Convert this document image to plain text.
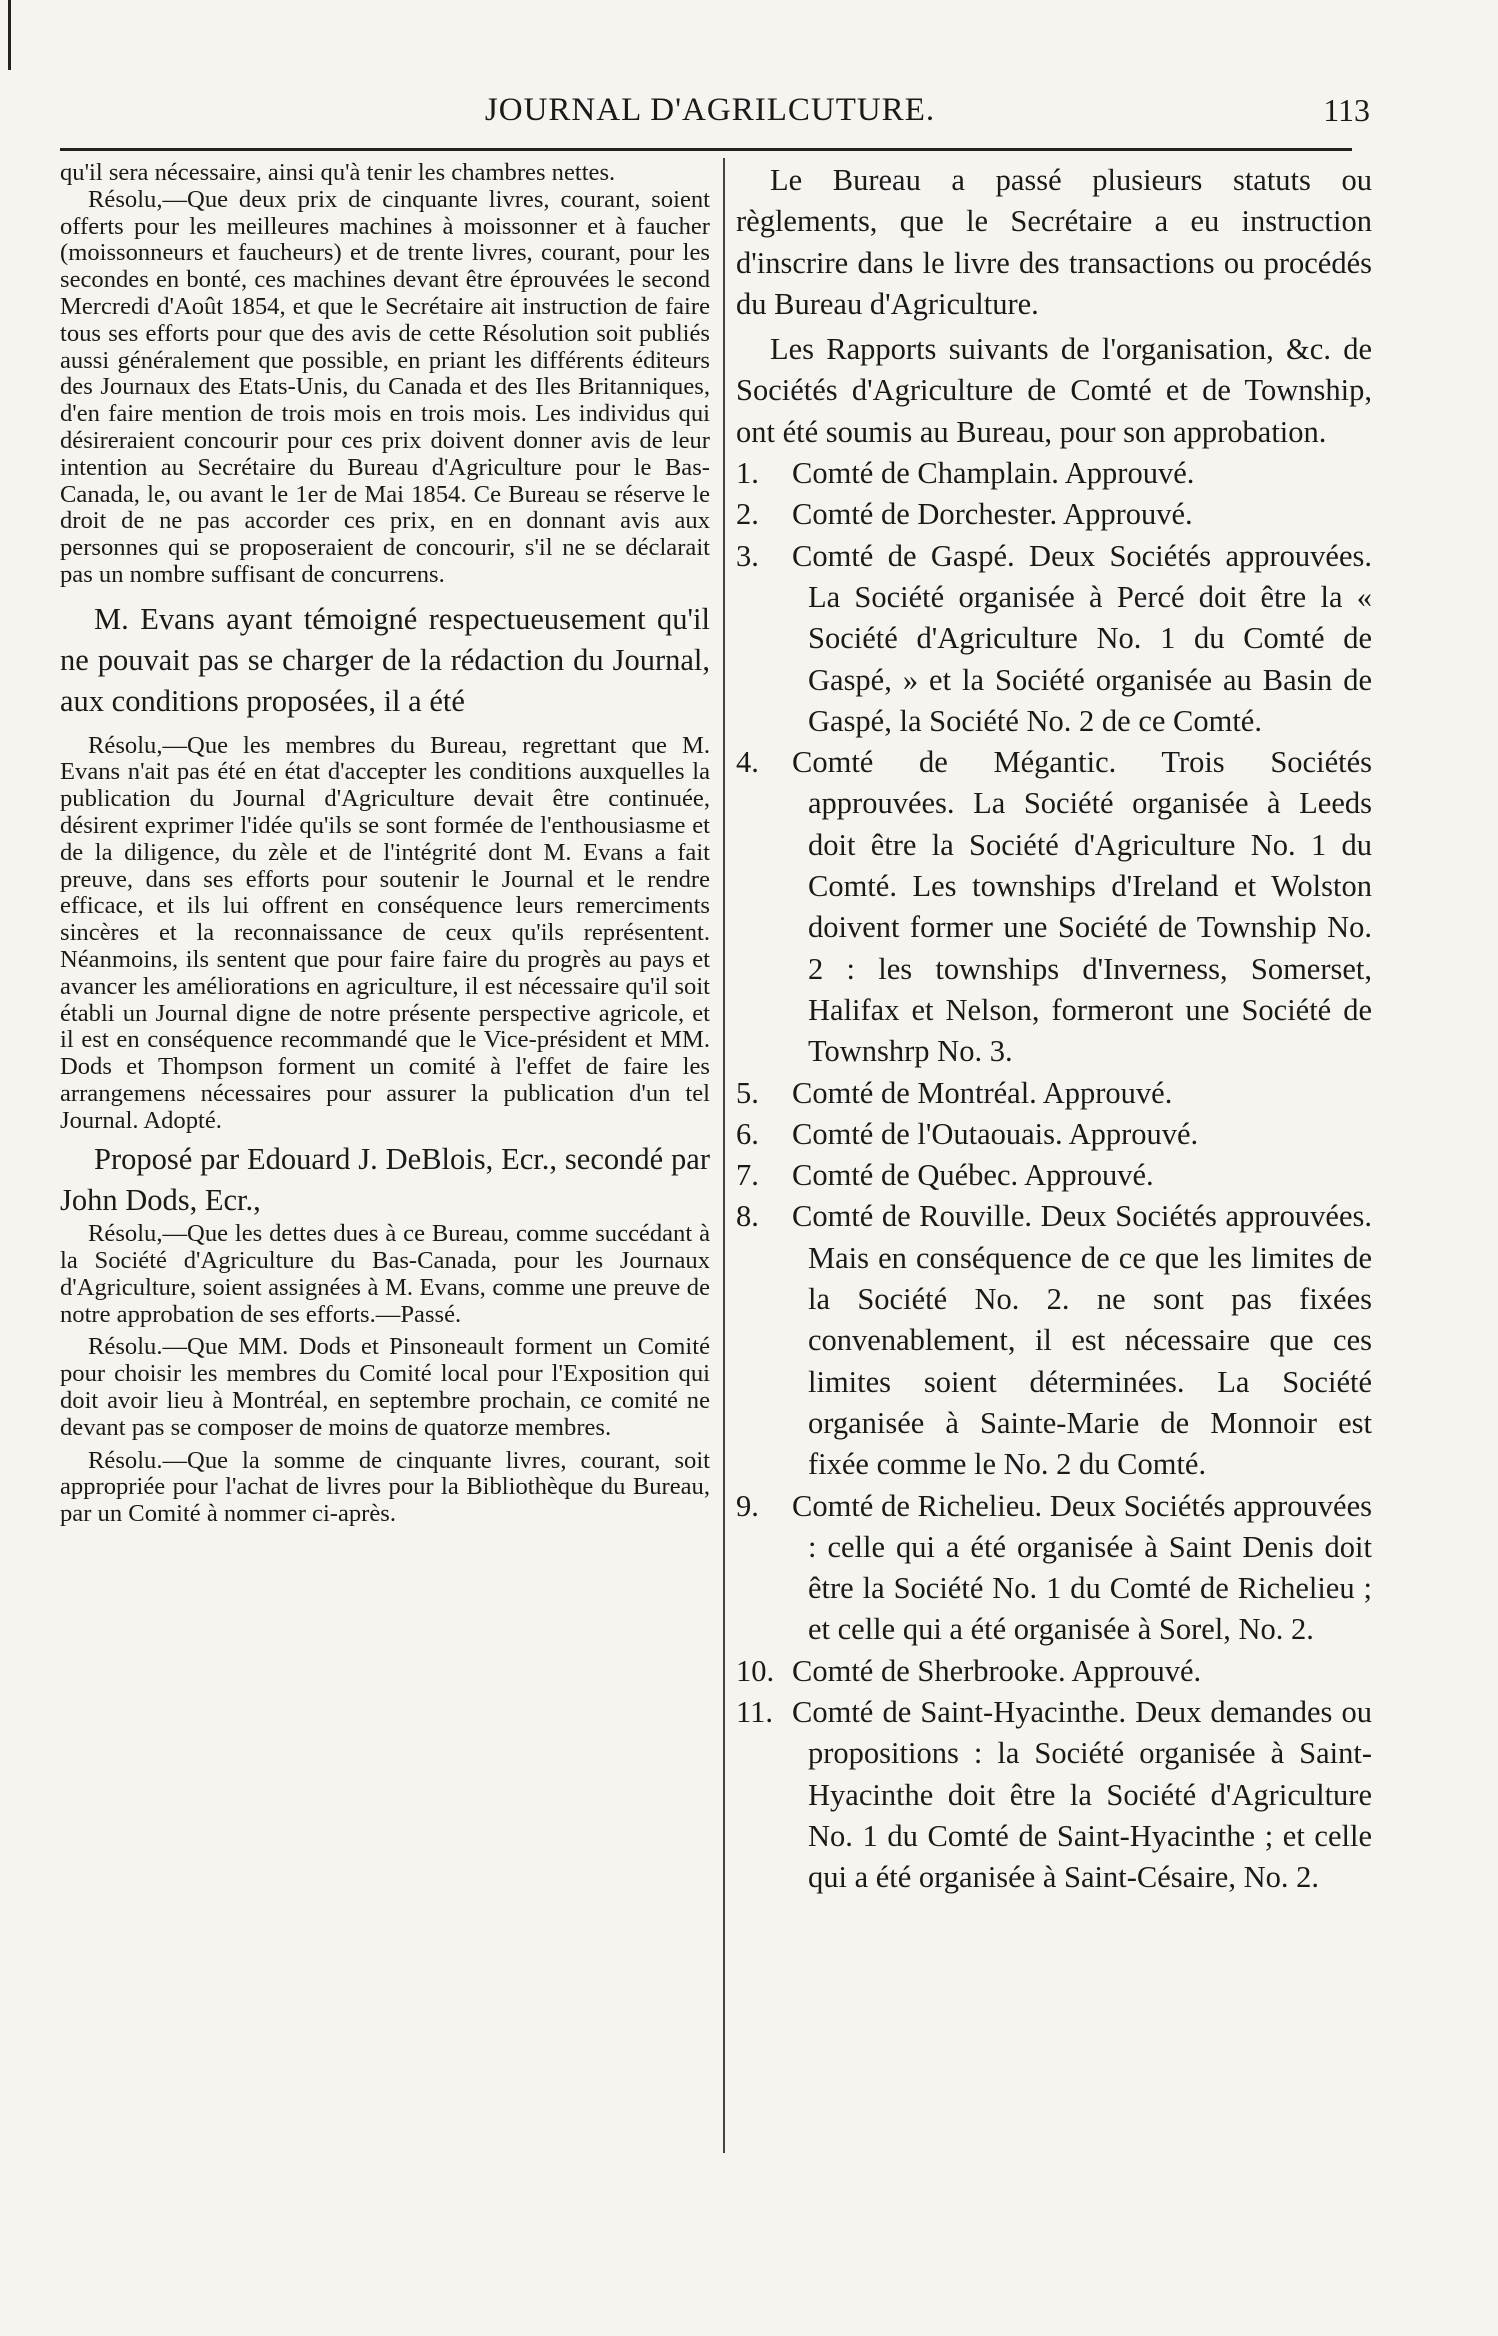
JOURNAL D'AGRILCUTURE.	113

qu'il sera nécessaire, ainsi qu'à tenir les chambres nettes.

Résolu,—Que deux prix de cinquante livres, courant, soient offerts pour les meilleures machines à moissonner et à faucher (moissonneurs et faucheurs) et de trente livres, courant, pour les secondes en bonté, ces machines devant être éprouvées le second Mercredi d'Août 1854, et que le Secrétaire ait instruction de faire tous ses efforts pour que des avis de cette Résolution soit publiés aussi généralement que possible, en priant les différents éditeurs des Journaux des Etats-Unis, du Canada et des Iles Britanniques, d'en faire mention de trois mois en trois mois. Les individus qui désireraient concourir pour ces prix doivent donner avis de leur intention au Secrétaire du Bureau d'Agriculture pour le Bas-Canada, le, ou avant le 1er de Mai 1854. Ce Bureau se réserve le droit de ne pas accorder ces prix, en en donnant avis aux personnes qui se proposeraient de concourir, s'il ne se déclarait pas un nombre suffisant de concurrens.

M. Evans ayant témoigné respectueusement qu'il ne pouvait pas se charger de la rédaction du Journal, aux conditions proposées, il a été

Résolu,—Que les membres du Bureau, regrettant que M. Evans n'ait pas été en état d'accepter les conditions auxquelles la publication du Journal d'Agriculture devait être continuée, désirent exprimer l'idée qu'ils se sont formée de l'enthousiasme et de la diligence, du zèle et de l'intégrité dont M. Evans a fait preuve, dans ses efforts pour soutenir le Journal et le rendre efficace, et ils lui offrent en conséquence leurs remerciments sincères et la reconnaissance de ceux qu'ils représentent. Néanmoins, ils sentent que pour faire faire du progrès au pays et avancer les améliorations en agriculture, il est nécessaire qu'il soit établi un Journal digne de notre présente perspective agricole, et il est en conséquence recommandé que le Vice-président et MM. Dods et Thompson forment un comité à l'effet de faire les arrangemens nécessaires pour assurer la publication d'un tel Journal. Adopté.

Proposé par Edouard J. DeBlois, Ecr., secondé par John Dods, Ecr.,

Résolu,—Que les dettes dues à ce Bureau, comme succédant à la Société d'Agriculture du Bas-Canada, pour les Journaux d'Agriculture, soient assignées à M. Evans, comme une preuve de notre approbation de ses efforts.—Passé.

Résolu.—Que MM. Dods et Pinsoneault forment un Comité pour choisir les membres du Comité local pour l'Exposition qui doit avoir lieu à Montréal, en septembre prochain, ce comité ne devant pas se composer de moins de quatorze membres.

Résolu.—Que la somme de cinquante livres, courant, soit appropriée pour l'achat de livres pour la Bibliothèque du Bureau, par un Comité à nommer ci-après.

Le Bureau a passé plusieurs statuts ou règlements, que le Secrétaire a eu instruction d'inscrire dans le livre des transactions ou procédés du Bureau d'Agriculture.

Les Rapports suivants de l'organisation, &c. de Sociétés d'Agriculture de Comté et de Township, ont été soumis au Bureau, pour son approbation.

1. Comté de Champlain. Approuvé.
2. Comté de Dorchester. Approuvé.
3. Comté de Gaspé. Deux Sociétés approuvées. La Société organisée à Percé doit être la « Société d'Agriculture No. 1 du Comté de Gaspé, » et la Société organisée au Basin de Gaspé, la Société No. 2 de ce Comté.
4. Comté de Mégantic. Trois Sociétés approuvées. La Société organisée à Leeds doit être la Société d'Agriculture No. 1 du Comté. Les townships d'Ireland et Wolston doivent former une Société de Township No. 2 : les townships d'Inverness, Somerset, Halifax et Nelson, formeront une Société de Townshrp No. 3.
5. Comté de Montréal. Approuvé.
6. Comté de l'Outaouais. Approuvé.
7. Comté de Québec. Approuvé.
8. Comté de Rouville. Deux Sociétés approuvées. Mais en conséquence de ce que les limites de la Société No. 2. ne sont pas fixées convenablement, il est nécessaire que ces limites soient déterminées. La Société organisée à Sainte-Marie de Monnoir est fixée comme le No. 2 du Comté.
9. Comté de Richelieu. Deux Sociétés approuvées : celle qui a été organisée à Saint Denis doit être la Société No. 1 du Comté de Richelieu ; et celle qui a été organisée à Sorel, No. 2.
10. Comté de Sherbrooke. Approuvé.
11. Comté de Saint-Hyacinthe. Deux demandes ou propositions : la Société organisée à Saint-Hyacinthe doit être la Société d'Agriculture No. 1 du Comté de Saint-Hyacinthe ; et celle qui a été organisée à Saint-Césaire, No. 2.
